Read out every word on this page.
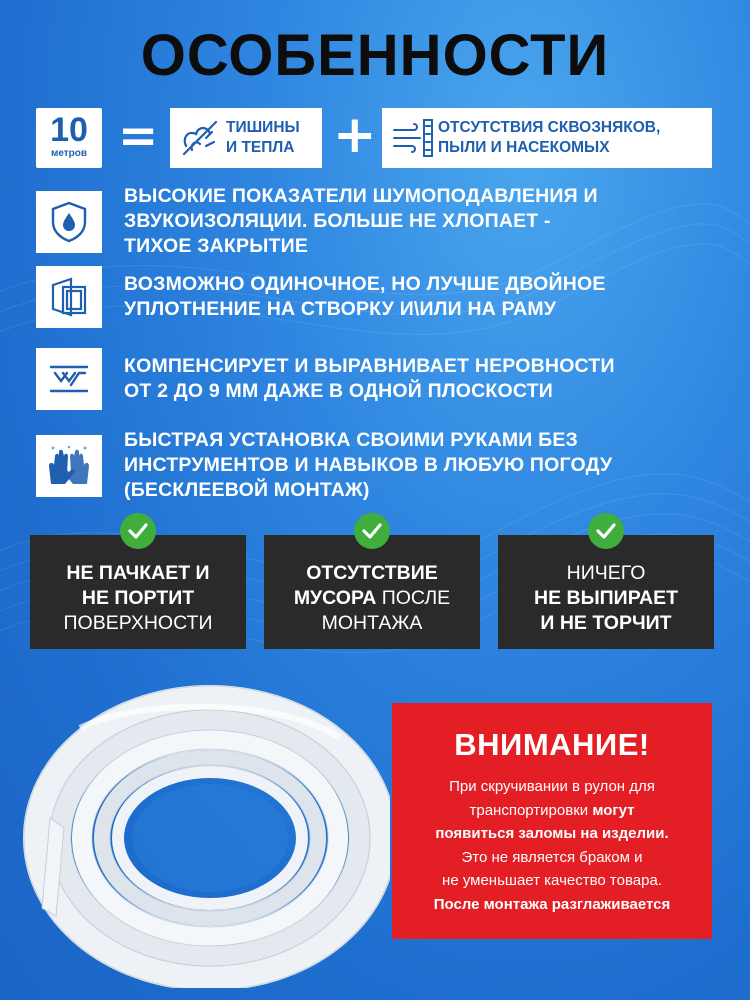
ОСОБЕННОСТИ
10
метров =	ТИШИНЫ
И ТЕПЛА +	ОТСУТСТВИЯ СКВОЗНЯКОВ,
ПЫЛИ И НАСЕКОМЫХ
ВЫСОКИЕ ПОКАЗАТЕЛИ ШУМОПОДАВЛЕНИЯ И
ЗВУКОИЗОЛЯЦИИ. БОЛЬШЕ НЕ ХЛОПАЕТ -
ТИХОЕ ЗАКРЫТИЕ
ВОЗМОЖНО ОДИНОЧНОЕ, НО ЛУЧШЕ ДВОЙНОЕ
УПЛОТНЕНИЕ НА СТВОРКУ И\ИЛИ НА РАМУ
КОМПЕНСИРУЕТ И ВЫРАВНИВАЕТ НЕРОВНОСТИ
ОТ 2 ДО 9 ММ ДАЖЕ В ОДНОЙ ПЛОСКОСТИ
БЫСТРАЯ УСТАНОВКА СВОИМИ РУКАМИ БЕЗ
ИНСТРУМЕНТОВ И НАВЫКОВ В ЛЮБУЮ ПОГОДУ
(БЕСКЛЕЕВОЙ МОНТАЖ)
НЕ ПАЧКАЕТ И
НЕ ПОРТИТ
ПОВЕРХНОСТИ
ОТСУТСТВИЕ
МУСОРА ПОСЛЕ
МОНТАЖА
НИЧЕГО
НЕ ВЫПИРАЕТ
И НЕ ТОРЧИТ
ВНИМАНИЕ!
При скручивании в рулон для
транспортировки могут
появиться заломы на изделии.
Это не является браком и
не уменьшает качество товара.
После монтажа разглаживается
